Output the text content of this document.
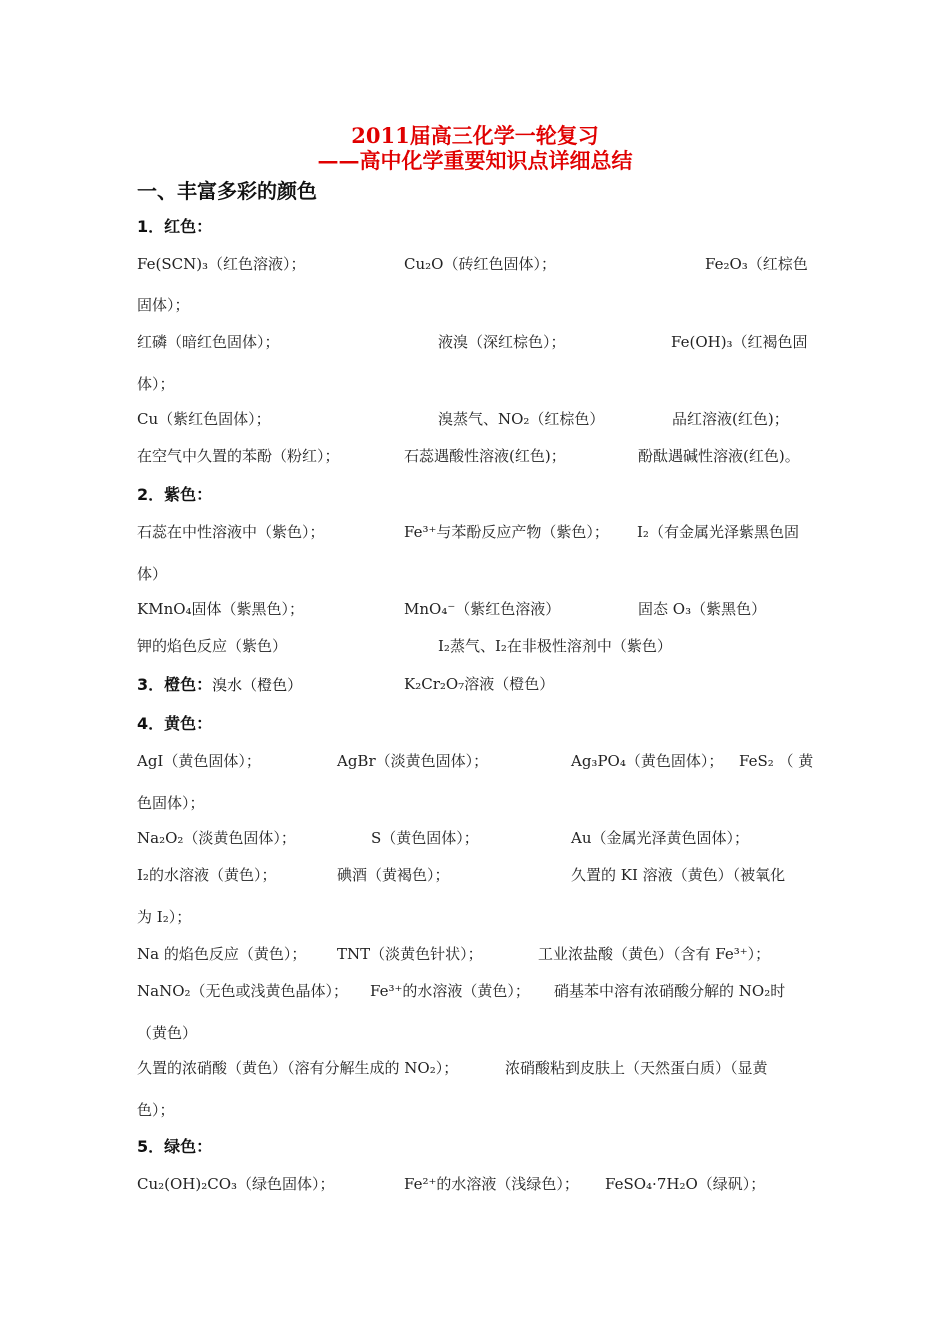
2011届高三化学一轮复习
——高中化学重要知识点详细总结
一、丰富多彩的颜色
1．红色：
Fe(SCN)₃（红色溶液）；	Cu₂O（砖红色固体）；	Fe₂O₃（红棕色
固体）；
红磷（暗红色固体）；	液溴（深红棕色）；	Fe(OH)₃（红褐色固
体）；
Cu（紫红色固体）；	溴蒸气、NO₂（红棕色）	品红溶液(红色)；
在空气中久置的苯酚（粉红）；	石蕊遇酸性溶液(红色)；	酚酞遇碱性溶液(红色)。
2．紫色：
石蕊在中性溶液中（紫色）；	Fe³⁺与苯酚反应产物（紫色）； I₂（有金属光泽紫黑色固
体）
KMnO₄固体（紫黑色）；	MnO₄⁻（紫红色溶液）	固态 O₃（紫黑色）
钾的焰色反应（紫色）	I₂蒸气、I₂在非极性溶剂中（紫色）
3．橙色：溴水（橙色）	K₂Cr₂O₇溶液（橙色）
4．黄色：
AgI（黄色固体）；	AgBr（淡黄色固体）；	Ag₃PO₄（黄色固体）； FeS₂ （ 黄
色固体）；
Na₂O₂（淡黄色固体）；	S（黄色固体）；	Au（金属光泽黄色固体）；
I₂的水溶液（黄色）；	碘酒（黄褐色）；	久置的 KI 溶液（黄色）（被氧化
为 I₂）；
Na 的焰色反应（黄色）； TNT（淡黄色针状）；	工业浓盐酸（黄色）（含有 Fe³⁺）；
NaNO₂（无色或浅黄色晶体）； Fe³⁺的水溶液（黄色）； 硝基苯中溶有浓硝酸分解的 NO₂时
（黄色）
久置的浓硝酸（黄色）（溶有分解生成的 NO₂）；	浓硝酸粘到皮肤上（天然蛋白质）（显黄
色）；
5．绿色：
Cu₂(OH)₂CO₃（绿色固体）；	Fe²⁺的水溶液（浅绿色）； FeSO₄·7H₂O（绿矾）；
